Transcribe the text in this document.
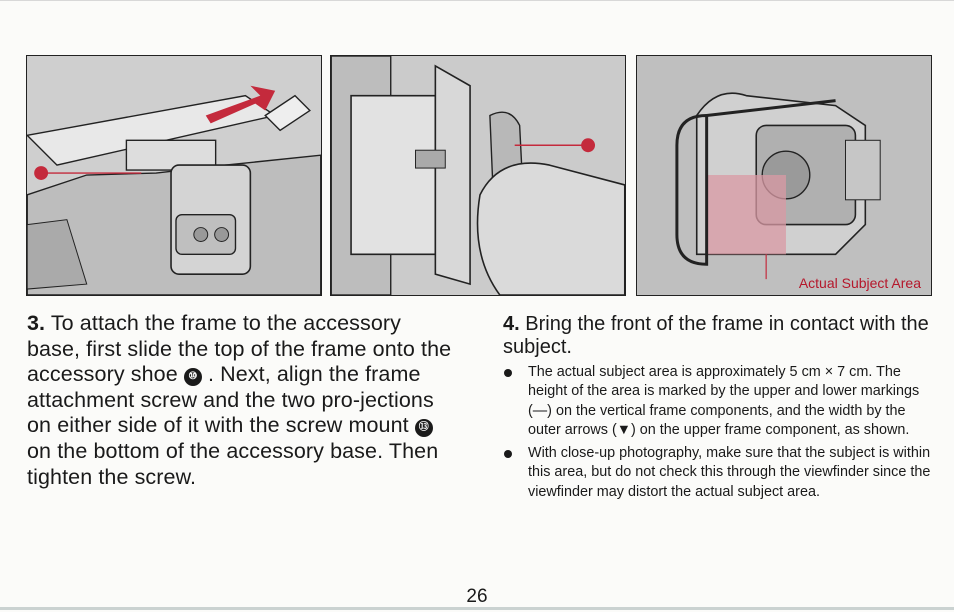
Actual Subject Area
3. To attach the frame to the accessory base, first slide the top of the frame onto the accessory shoe ⑩ . Next, align the frame attachment screw and the two pro-jections on either side of it with the screw mount ⑬ on the bottom of the accessory base. Then tighten the screw.
4. Bring the front of the frame in contact with the subject.
The actual subject area is approximately 5 cm × 7 cm. The height of the area is marked by the upper and lower markings (—) on the vertical frame components, and the width by the outer arrows (▼) on the upper frame component, as shown.
With close-up photography, make sure that the subject is within this area, but do not check this through the viewfinder since the viewfinder may distort the actual subject area.
26
